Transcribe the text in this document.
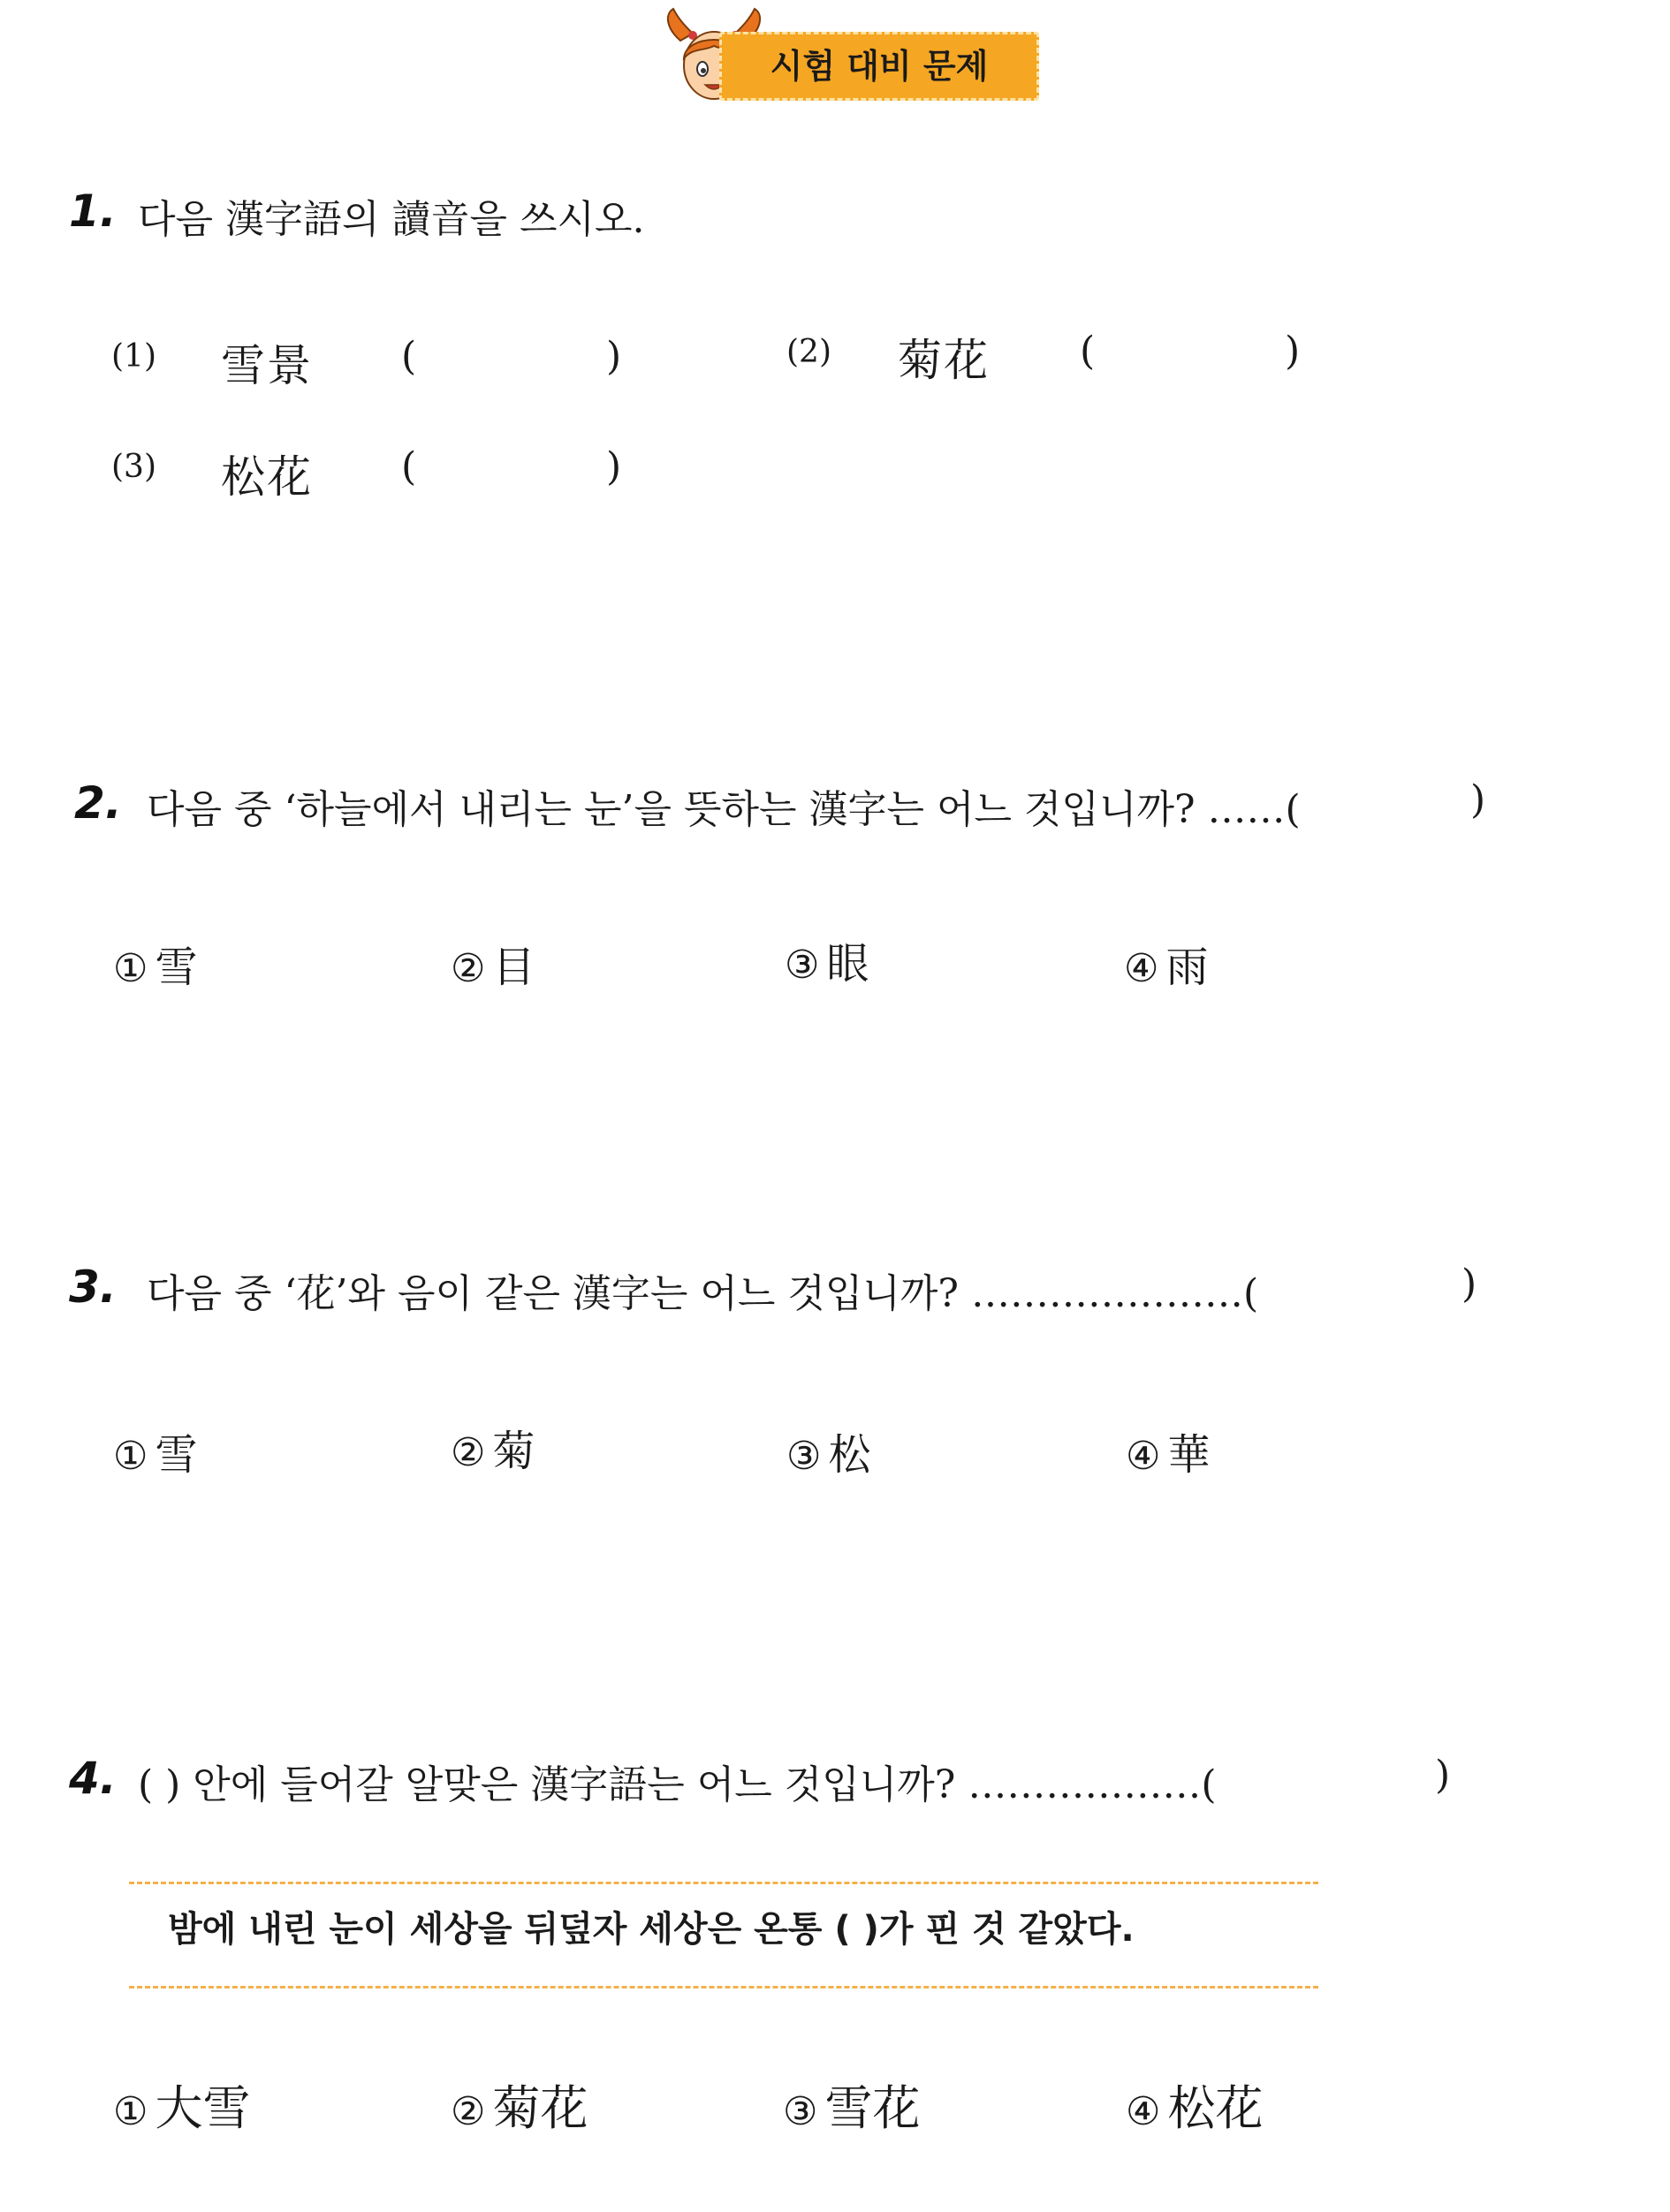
시험 대비 문제
1. 다음 漢字語의 讀音을 쓰시오.
(1) 雪景 (	)	(2) 菊花 (	)
(3) 松花 (	)
2. 다음 중 ‘하늘에서 내리는 눈’을 뜻하는 漢字는 어느 것입니까? ……(	)
① 雪	② 目	③ 眼	④ 雨
3. 다음 중 ‘花’와 음이 같은 漢字는 어느 것입니까? …………………(	)
① 雪	② 菊	③ 松	④ 華
4. ( ) 안에 들어갈 알맞은 漢字語는 어느 것입니까? ………………(	)
밤에 내린 눈이 세상을 뒤덮자 세상은 온통 ( )가 핀 것 같았다.
① 大雪	② 菊花	③ 雪花	④ 松花
